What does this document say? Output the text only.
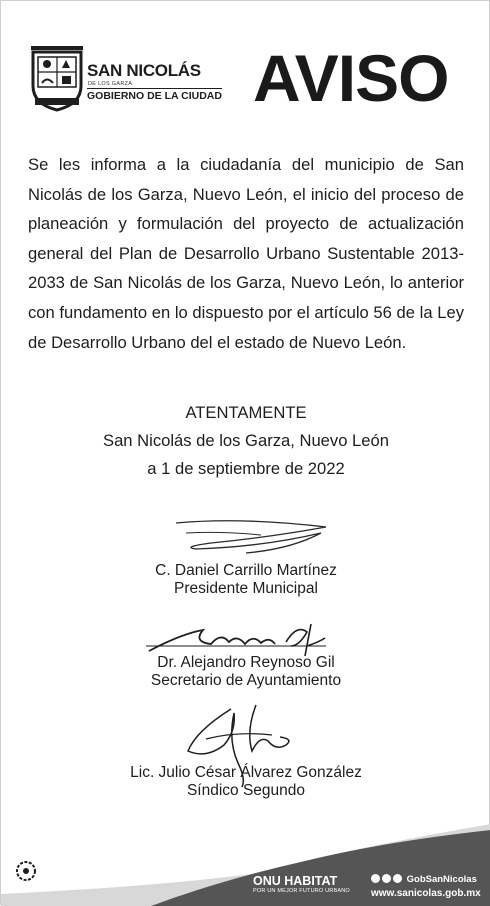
SAN NICOLÁS
DE LOS GARZA
GOBIERNO DE LA CIUDAD AVISO

Se les informa a la ciudadanía del municipio de San Nicolás de los Garza, Nuevo León, el inicio del proceso de planeación y formulación del proyecto de actualización general del Plan de Desarrollo Urbano Sustentable 2013-2033 de San Nicolás de los Garza, Nuevo León, lo anterior con fundamento en lo dispuesto por el artículo 56 de la Ley de Desarrollo Urbano del el estado de Nuevo León.

ATENTAMENTE
San Nicolás de los Garza, Nuevo León
a 1 de septiembre de 2022
C. Daniel Carrillo Martínez
Presidente Municipal
Dr. Alejandro Reynoso Gil
Secretario de Ayuntamiento
Lic. Julio César Álvarez González
Síndico Segundo
ONU HABITAT
POR UN MEJOR FUTURO URBANO
GobSanNicolas
www.sanicolas.gob.mx
